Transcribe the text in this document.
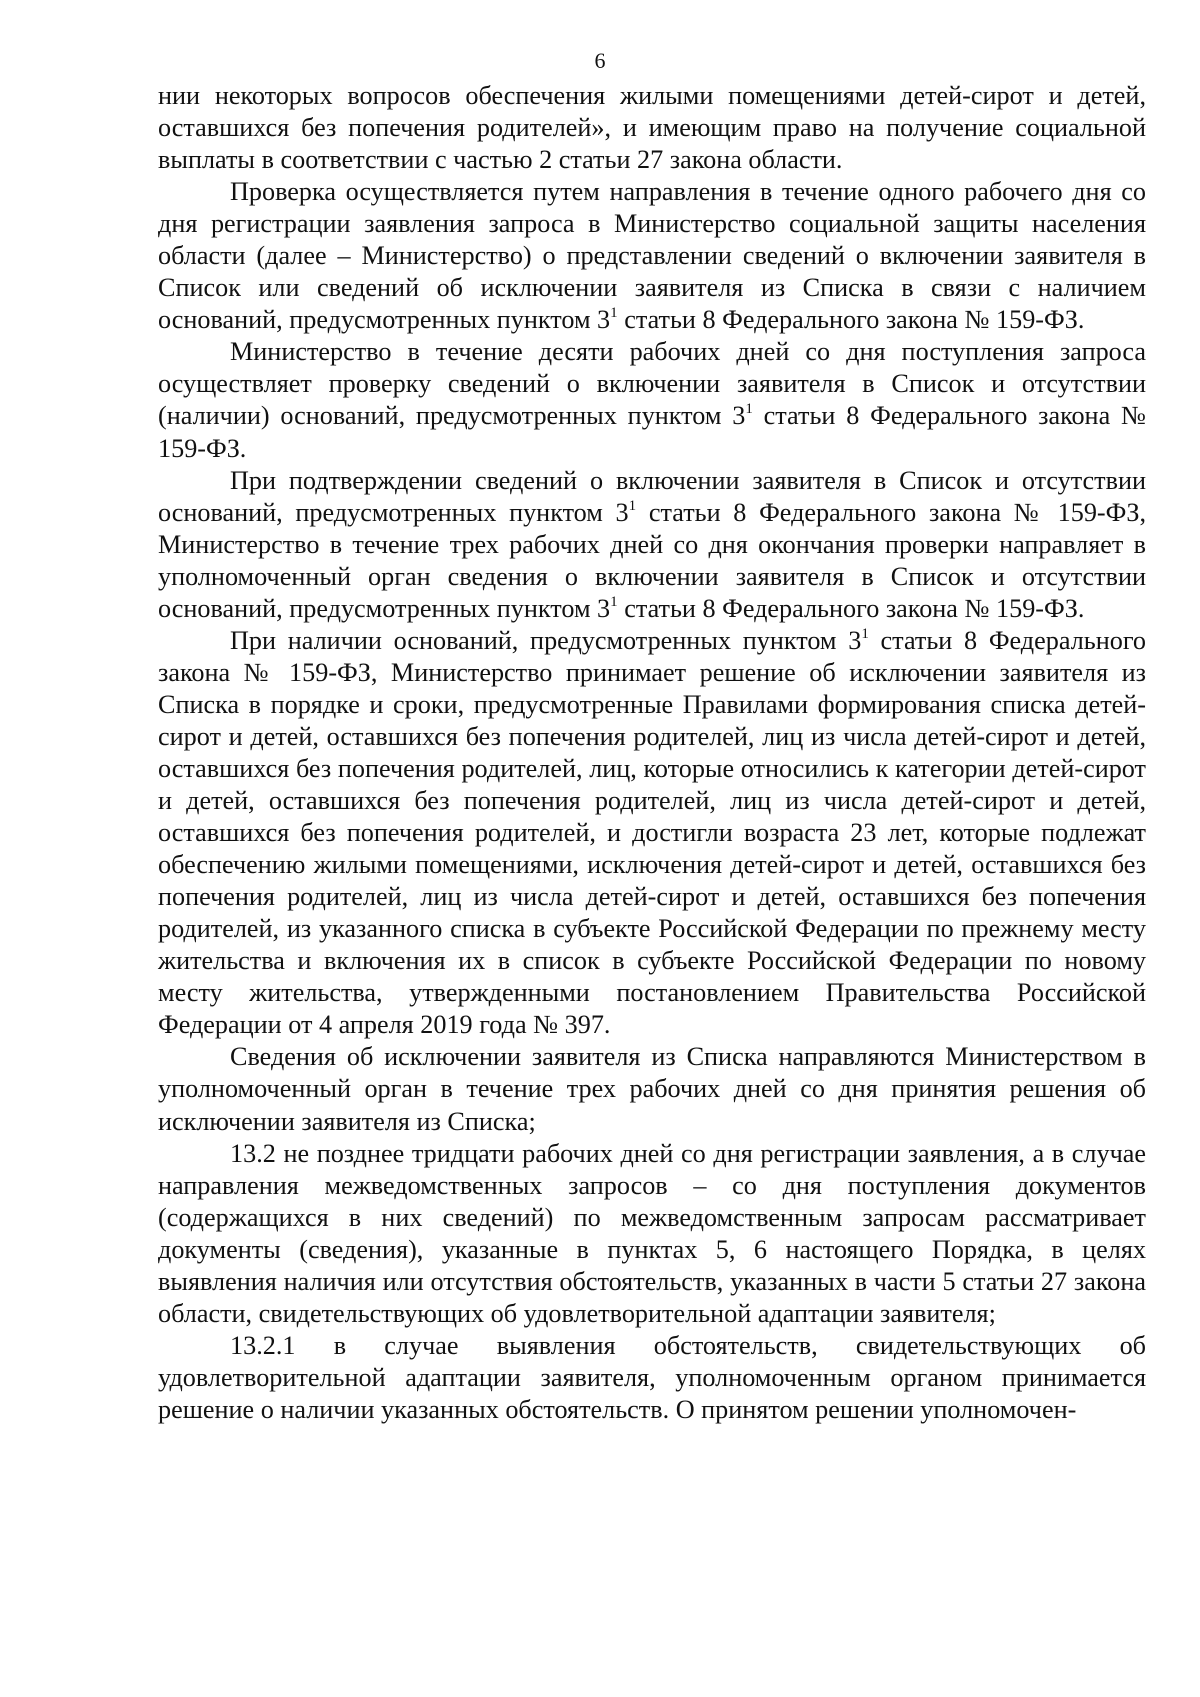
6

нии некоторых вопросов обеспечения жилыми помещениями детей-сирот и детей, оставшихся без попечения родителей», и имеющим право на получение социальной выплаты в соответствии с частью 2 статьи 27 закона области.

Проверка осуществляется путем направления в течение одного рабочего дня со дня регистрации заявления запроса в Министерство социальной защиты населения области (далее – Министерство) о представлении сведений о включении заявителя в Список или сведений об исключении заявителя из Списка в связи с наличием оснований, предусмотренных пунктом $3^1$ статьи 8 Федерального закона № 159-ФЗ.

Министерство в течение десяти рабочих дней со дня поступления запроса осуществляет проверку сведений о включении заявителя в Список и отсутствии (наличии) оснований, предусмотренных пунктом $3^1$ статьи 8 Федерального закона № 159-ФЗ.

При подтверждении сведений о включении заявителя в Список и отсутствии оснований, предусмотренных пунктом $3^1$ статьи 8 Федерального закона № 159-ФЗ, Министерство в течение трех рабочих дней со дня окончания проверки направляет в уполномоченный орган сведения о включении заявителя в Список и отсутствии оснований, предусмотренных пунктом $3^1$ статьи 8 Федерального закона № 159-ФЗ.

При наличии оснований, предусмотренных пунктом $3^1$ статьи 8 Федерального закона № 159-ФЗ, Министерство принимает решение об исключении заявителя из Списка в порядке и сроки, предусмотренные Правилами формирования списка детей-сирот и детей, оставшихся без попечения родителей, лиц из числа детей-сирот и детей, оставшихся без попечения родителей, лиц, которые относились к категории детей-сирот и детей, оставшихся без попечения родителей, лиц из числа детей-сирот и детей, оставшихся без попечения родителей, и достигли возраста 23 лет, которые подлежат обеспечению жилыми помещениями, исключения детей-сирот и детей, оставшихся без попечения родителей, лиц из числа детей-сирот и детей, оставшихся без попечения родителей, из указанного списка в субъекте Российской Федерации по прежнему месту жительства и включения их в список в субъекте Российской Федерации по новому месту жительства, утвержденными постановлением Правительства Российской Федерации от 4 апреля 2019 года № 397.

Сведения об исключении заявителя из Списка направляются Министерством в уполномоченный орган в течение трех рабочих дней со дня принятия решения об исключении заявителя из Списка;

13.2 не позднее тридцати рабочих дней со дня регистрации заявления, а в случае направления межведомственных запросов – со дня поступления документов (содержащихся в них сведений) по межведомственным запросам рассматривает документы (сведения), указанные в пунктах 5, 6 настоящего Порядка, в целях выявления наличия или отсутствия обстоятельств, указанных в части 5 статьи 27 закона области, свидетельствующих об удовлетворительной адаптации заявителя;

13.2.1 в случае выявления обстоятельств, свидетельствующих об удовлетворительной адаптации заявителя, уполномоченным органом принимается решение о наличии указанных обстоятельств. О принятом решении уполномочен-
